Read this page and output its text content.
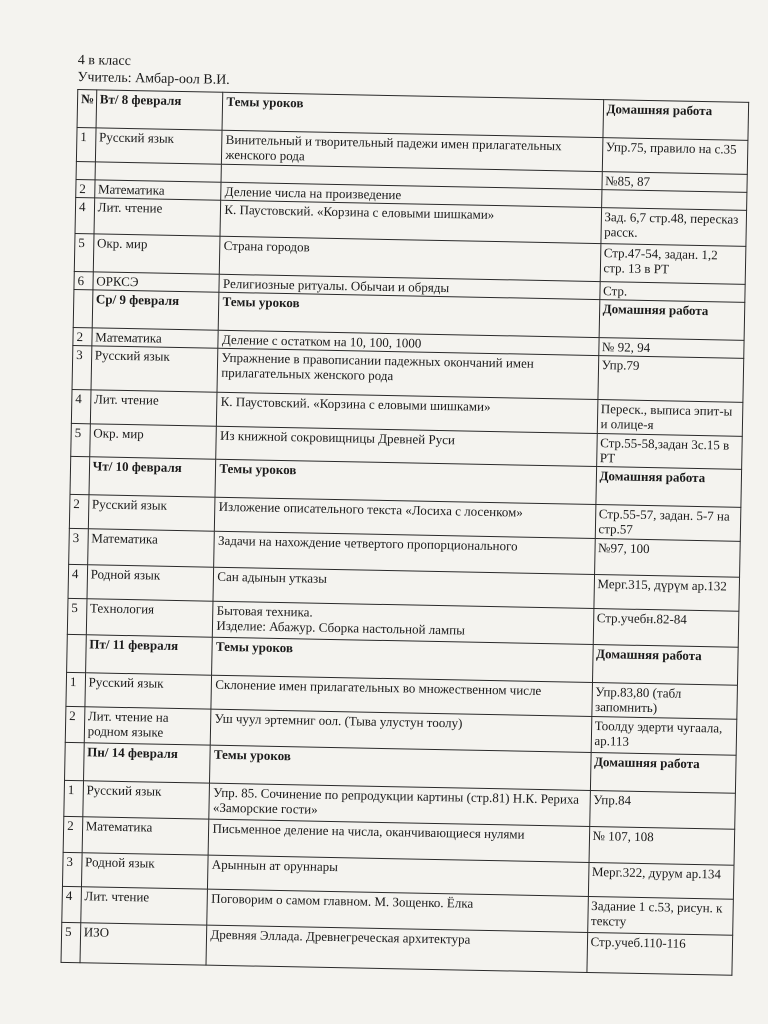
4 в класс
Учитель: Амбар-оол В.И.
№	Вт/ 8 февраля	Темы уроков	Домашняя работа
1	Русский язык	Винительный и творительный падежи имен прилагательных женского рода	Упр.75, правило на с.35
			№85, 87
2	Математика	Деление числа на произведение	
4	Лит. чтение	К. Паустовский. «Корзина с еловыми шишками»	Зад. 6,7 стр.48, пересказ расск.
5	Окр. мир	Страна городов	Стр.47-54, задан. 1,2 стр. 13 в РТ
6	ОРКСЭ	Религиозные ритуалы. Обычаи и обряды	Стр.
	Ср/ 9 февраля	Темы уроков	Домашняя работа
2	Математика	Деление с остатком на 10, 100, 1000	№ 92, 94
3	Русский язык	Упражнение в правописании падежных окончаний имен прилагательных женского рода	Упр.79
4	Лит. чтение	К. Паустовский. «Корзина с еловыми шишками»	Переск., выписа эпит-ы и олице-я
5	Окр. мир	Из книжной сокровищницы Древней Руси	Стр.55-58,задан 3с.15 в РТ
	Чт/ 10 февраля	Темы уроков	Домашняя работа
2	Русский язык	Изложение описательного текста «Лосиха с лосенком»	Стр.55-57, задан. 5-7 на стр.57
3	Математика	Задачи на нахождение четвертого пропорционального	№97, 100
4	Родной язык	Сан адынын утказы	Мерг.315, дүрүм ар.132
5	Технология	Бытовая техника.
Изделие: Абажур. Сборка настольной лампы	Стр.учебн.82-84
	Пт/ 11 февраля	Темы уроков	Домашняя работа
1	Русский язык	Склонение имен прилагательных во множественном числе	Упр.83,80 (табл запомнить)
2	Лит. чтение на родном языке	Уш чуул эртемниг оол. (Тыва улустун тоолу)	Тоолду эдерти чугаала, ар.113
	Пн/ 14 февраля	Темы уроков	Домашняя работа
1	Русский язык	Упр. 85. Сочинение по репродукции картины (стр.81) Н.К. Рериха «Заморские гости»	Упр.84
2	Математика	Письменное деление на числа, оканчивающиеся нулями	№ 107, 108
3	Родной язык	Арыннын ат оруннары	Мерг.322, дурум ар.134
4	Лит. чтение	Поговорим о самом главном. М. Зощенко. Ёлка	Задание 1 с.53, рисун. к тексту
5	ИЗО	Древняя Эллада. Древнегреческая архитектура	Стр.учеб.110-116
